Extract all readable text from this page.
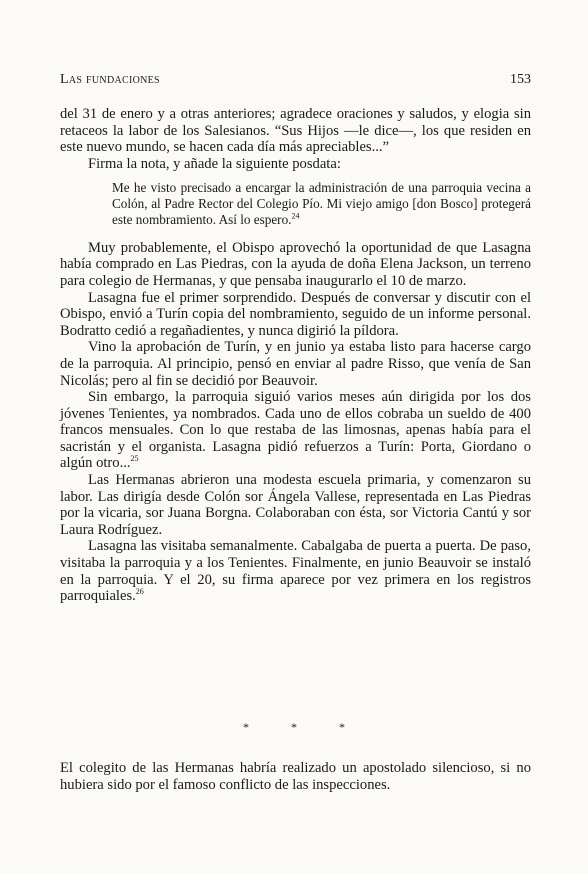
Las fundaciones	153

del 31 de enero y a otras anteriores; agradece oraciones y saludos, y elogia sin retaceos la labor de los Salesianos. “Sus Hijos —le dice—, los que residen en este nuevo mundo, se hacen cada día más apreciables...”

Firma la nota, y añade la siguiente posdata:

Me he visto precisado a encargar la administración de una parroquia vecina a Colón, al Padre Rector del Colegio Pío. Mi viejo amigo [don Bosco] protegerá este nombramiento. Así lo espero.$^{24}$

Muy probablemente, el Obispo aprovechó la oportunidad de que Lasagna había comprado en Las Piedras, con la ayuda de doña Elena Jackson, un terreno para colegio de Hermanas, y que pensaba inaugurarlo el 10 de marzo.

Lasagna fue el primer sorprendido. Después de conversar y discutir con el Obispo, envió a Turín copia del nombramiento, seguido de un informe personal. Bodratto cedió a regañadientes, y nunca digirió la píldora.

Vino la aprobación de Turín, y en junio ya estaba listo para hacerse cargo de la parroquia. Al principio, pensó en enviar al padre Risso, que venía de San Nicolás; pero al fin se decidió por Beauvoir.

Sin embargo, la parroquia siguió varios meses aún dirigida por los dos jóvenes Tenientes, ya nombrados. Cada uno de ellos cobraba un sueldo de 400 francos mensuales. Con lo que restaba de las limosnas, apenas había para el sacristán y el organista. Lasagna pidió refuerzos a Turín: Porta, Giordano o algún otro...$^{25}$

Las Hermanas abrieron una modesta escuela primaria, y comenzaron su labor. Las dirigía desde Colón sor Ángela Vallese, representada en Las Piedras por la vicaria, sor Juana Borgna. Colaboraban con ésta, sor Victoria Cantú y sor Laura Rodríguez.

Lasagna las visitaba semanalmente. Cabalgaba de puerta a puerta. De paso, visitaba la parroquia y a los Tenientes. Finalmente, en junio Beauvoir se instaló en la parroquia. Y el 20, su firma aparece por vez primera en los registros parroquiales.$^{26}$

*	*	*

El colegito de las Hermanas habría realizado un apostolado silencioso, si no hubiera sido por el famoso conflicto de las inspecciones.
